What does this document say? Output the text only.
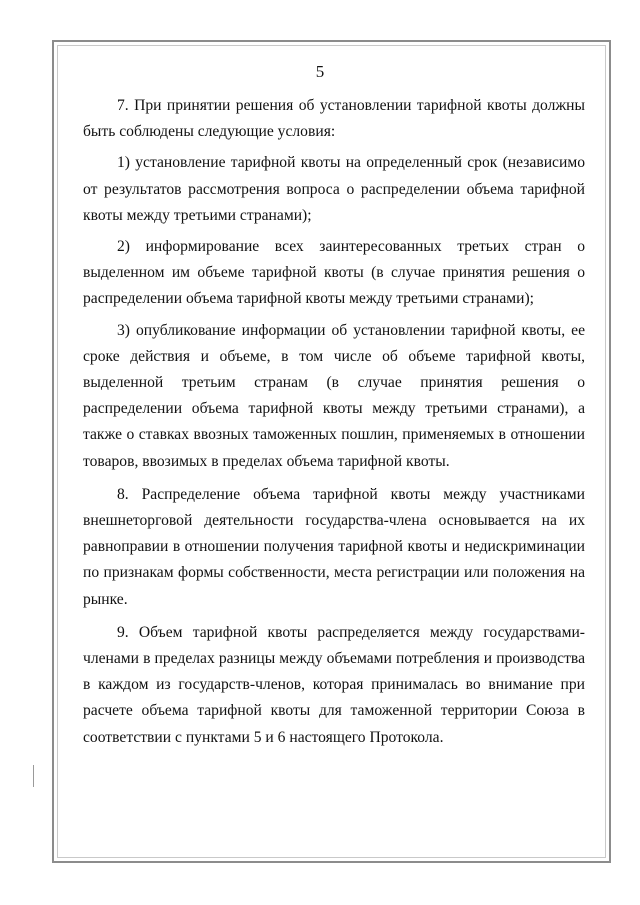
5

7. При принятии решения об установлении тарифной квоты должны быть соблюдены следующие условия:

1) установление тарифной квоты на определенный срок (независимо от результатов рассмотрения вопроса о распределении объема тарифной квоты между третьими странами);

2) информирование всех заинтересованных третьих стран о выделенном им объеме тарифной квоты (в случае принятия решения о распределении объема тарифной квоты между третьими странами);

3) опубликование информации об установлении тарифной квоты, ее сроке действия и объеме, в том числе об объеме тарифной квоты, выделенной третьим странам (в случае принятия решения о распределении объема тарифной квоты между третьими странами), а также о ставках ввозных таможенных пошлин, применяемых в отношении товаров, ввозимых в пределах объема тарифной квоты.

8. Распределение объема тарифной квоты между участниками внешнеторговой деятельности государства-члена основывается на их равноправии в отношении получения тарифной квоты и недискриминации по признакам формы собственности, места регистрации или положения на рынке.

9. Объем тарифной квоты распределяется между государствами-членами в пределах разницы между объемами потребления и производства в каждом из государств-членов, которая принималась во внимание при расчете объема тарифной квоты для таможенной территории Союза в соответствии с пунктами 5 и 6 настоящего Протокола.
